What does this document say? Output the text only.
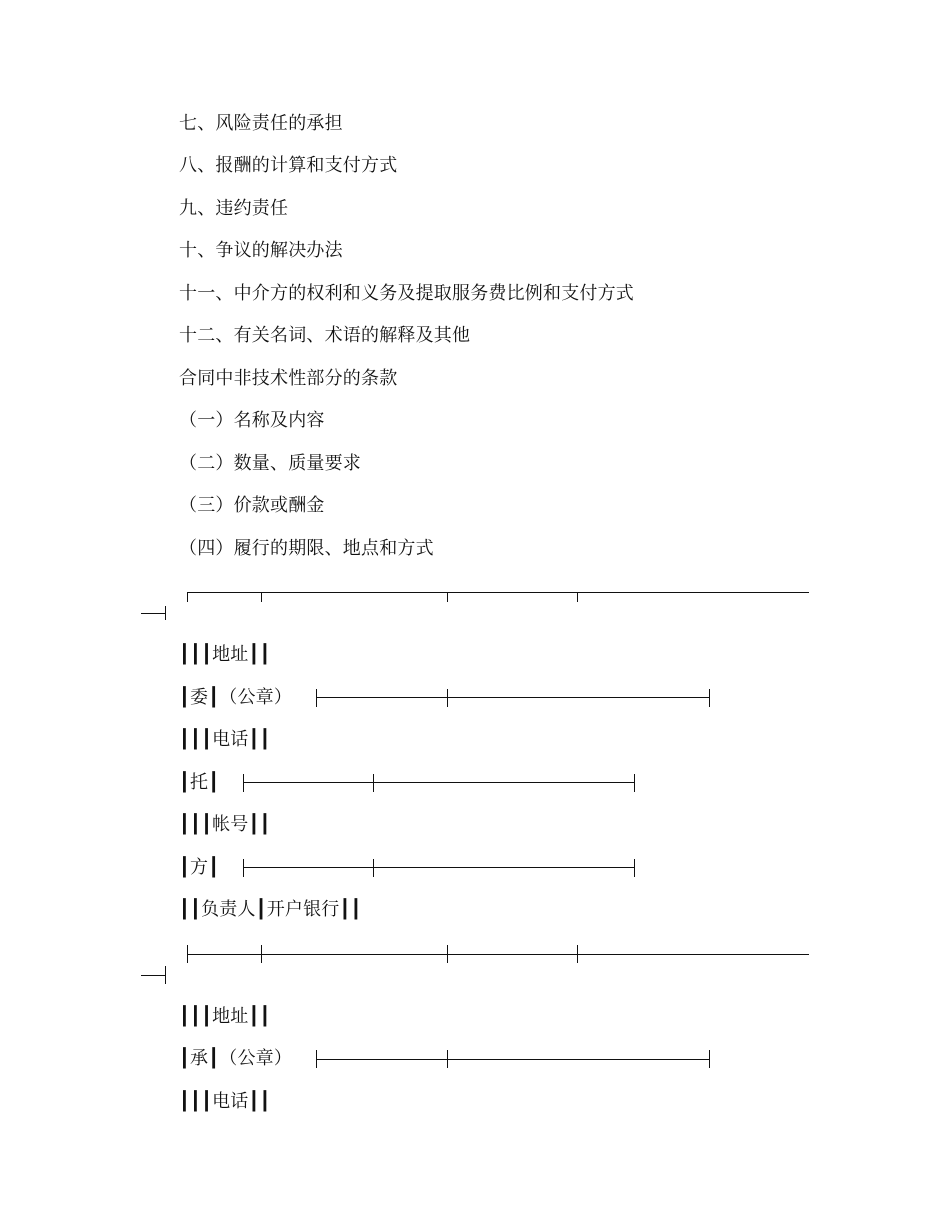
七、风险责任的承担
八、报酬的计算和支付方式
九、违约责任
十、争议的解决办法
十一、中介方的权利和义务及提取服务费比例和支付方式
十二、有关名词、术语的解释及其他
合同中非技术性部分的条款
（一）名称及内容
（二）数量、质量要求
（三）价款或酬金
（四）履行的期限、地点和方式
┃┃┃地址┃┃
┃委┃（公章）
┃┃┃电话┃┃
┃托┃
┃┃┃帐号┃┃
┃方┃
┃┃负责人┃开户银行┃┃
┃┃┃地址┃┃
┃承┃（公章）
┃┃┃电话┃┃
